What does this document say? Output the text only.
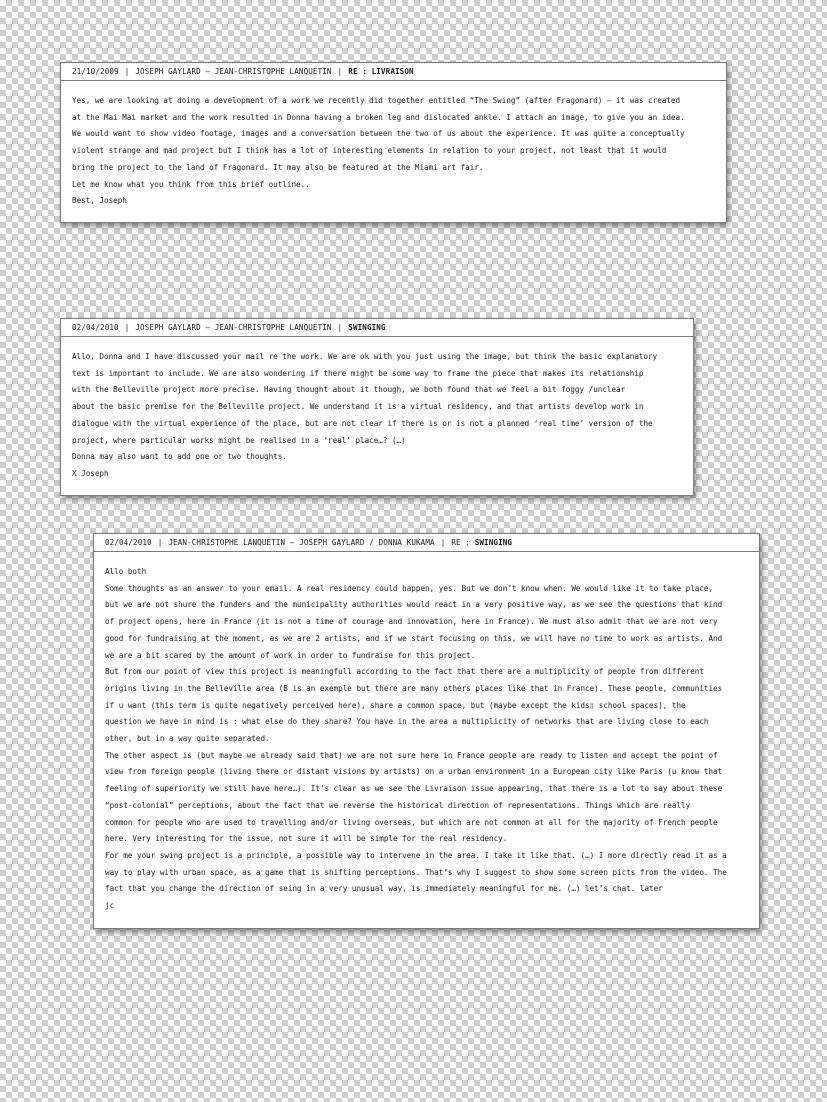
21/10/2009 | JOSEPH GAYLARD – JEAN-CHRISTOPHE LANQUETIN | RE : LIVRAISON

Yes, we are looking at doing a development of a work we recently did together entitled “The Swing” (after Fragonard) – it was created

at the Mai Mai market and the work resulted in Donna having a broken leg and dislocated ankle. I attach an image, to give you an idea.

We would want to show video footage, images and a conversation between the two of us about the experience. It was quite a conceptually

violent strange and mad project but I think has a lot of interesting elements in relation to your project, not least that it would

bring the project to the land of Fragonard. It may also be featured at the Miami art fair.

Let me know what you think from this brief outline..

Best, Joseph

02/04/2010 | JOSEPH GAYLARD – JEAN-CHRISTOPHE LANQUETIN | SWINGING

Allo, Donna and I have discussed your mail re the work. We are ok with you just using the image, but think the basic explanatory

text is important to include. We are also wondering if there might be some way to frame the piece that makes its relationship

with the Belleville project more precise. Having thought about it though, we both found that we feel a bit foggy /unclear

about the basic premise for the Belleville project. We understand it is a virtual residency, and that artists develop work in

dialogue with the virtual experience of the place, but are not clear if there is or is not a planned ‘real time’ version of the

project, where particular works might be realised in a ‘real’ place…? (…)

Donna may also want to add one or two thoughts.

X Joseph

02/04/2010 | JEAN-CHRISTOPHE LANQUETIN – JOSEPH GAYLARD / DONNA KUKAMA | RE : SWINGING

Allo both

Some thoughts as an answer to your email. A real residency could happen, yes. But we don’t know when. We would like it to take place,

but we are not shure the funders and the municipality authorities would react in a very positive way, as we see the questions that kind

of project opens, here in France (it is not a time of courage and innovation, here in France). We must also admit that we are not very

good for fundraising at the moment, as we are 2 artists, and if we start focusing on this, we will have no time to work as artists. And

we are a bit scared by the amount of work in order to fundraise for this project.

But from our point of view this project is meaningfull according to the fact that there are a multiplicity of people from different

origins living in the Belleville area (B is an exemple but there are many others places like that in France). These people, communities

if u want (this term is quite negatively perceived here), share a common space, but (maybe except the kids▯ school spaces), the

question we have in mind is : what else do they share? You have in the area a multiplicity of networks that are living close to each

other, but in a way quite separated.

The other aspect is (but maybe we already said that) we are not sure here in France people are ready to listen and accept the point of

view from foreign people (living there or distant visions by artists) on a urban environment in a European city like Paris (u know that

feeling of superiority we still have here…). It’s clear as we see the Livraison issue appearing, that there is a lot to say about these

“post-colonial” perceptions, about the fact that we reverse the historical direction of representations. Things which are really

common for people who are used to travelling and/or living overseas, but which are not common at all for the majority of French people

here. Very interesting for the issue, not sure it will be simple for the real residency.

For me your swing project is a principle, a possible way to intervene in the area. I take it like that. (…) I more directly read it as a

way to play with urban space, as a game that is shifting perceptions. That’s why I suggest to show some screen picts from the video. The

fact that you change the direction of seing in a very unusual way, is immediately meaningful for me. (…) let’s chat. later

jc
